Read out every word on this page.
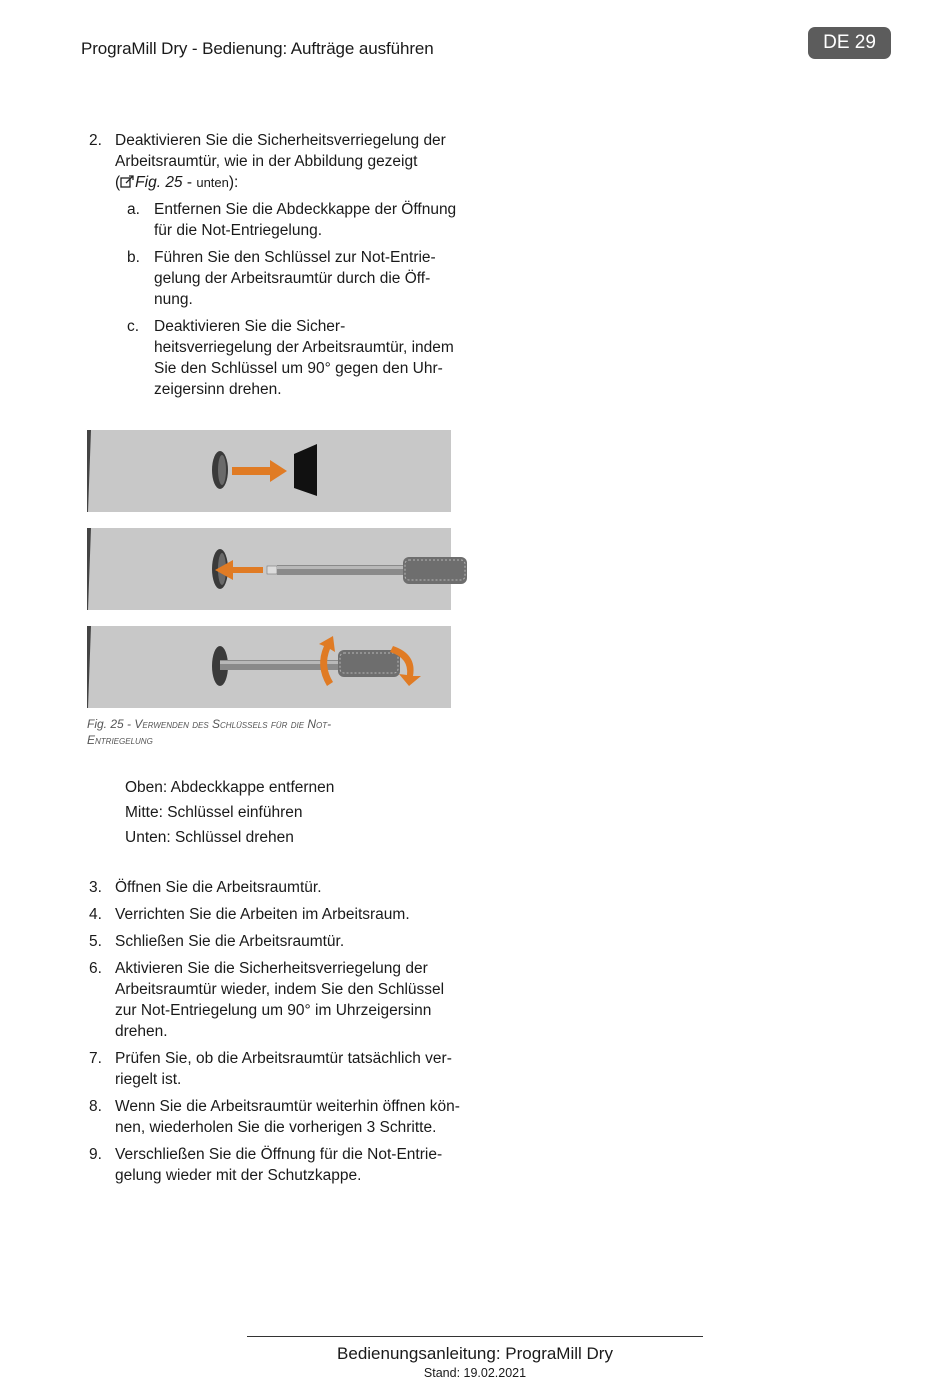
PrograMill Dry - Bedienung: Aufträge ausführen	DE 29
2. Deaktivieren Sie die Sicherheitsverriegelung der
Arbeitsraumtür, wie in der Abbildung gezeigt
( Fig. 25 - unten):
a. Entfernen Sie die Abdeckkappe der Öffnung
für die Not-Entriegelung.
b. Führen Sie den Schlüssel zur Not-Entrie-
gelung der Arbeitsraumtür durch die Öff-
nung.
c. Deaktivieren Sie die Sicher-
heitsverriegelung der Arbeitsraumtür, indem
Sie den Schlüssel um 90° gegen den Uhr-
zeigersinn drehen.
Fig. 25 - Verwenden des Schlüssels für die Not-
Entriegelung
Oben: Abdeckkappe entfernen
Mitte: Schlüssel einführen
Unten: Schlüssel drehen
3. Öffnen Sie die Arbeitsraumtür.
4. Verrichten Sie die Arbeiten im Arbeitsraum.
5. Schließen Sie die Arbeitsraumtür.
6. Aktivieren Sie die Sicherheitsverriegelung der
Arbeitsraumtür wieder, indem Sie den Schlüssel
zur Not-Entriegelung um 90° im Uhrzeigersinn
drehen.
7. Prüfen Sie, ob die Arbeitsraumtür tatsächlich ver-
riegelt ist.
8. Wenn Sie die Arbeitsraumtür weiterhin öffnen kön-
nen, wiederholen Sie die vorherigen 3 Schritte.
9. Verschließen Sie die Öffnung für die Not-Entrie-
gelung wieder mit der Schutzkappe.
Bedienungsanleitung: PrograMill Dry
Stand: 19.02.2021
